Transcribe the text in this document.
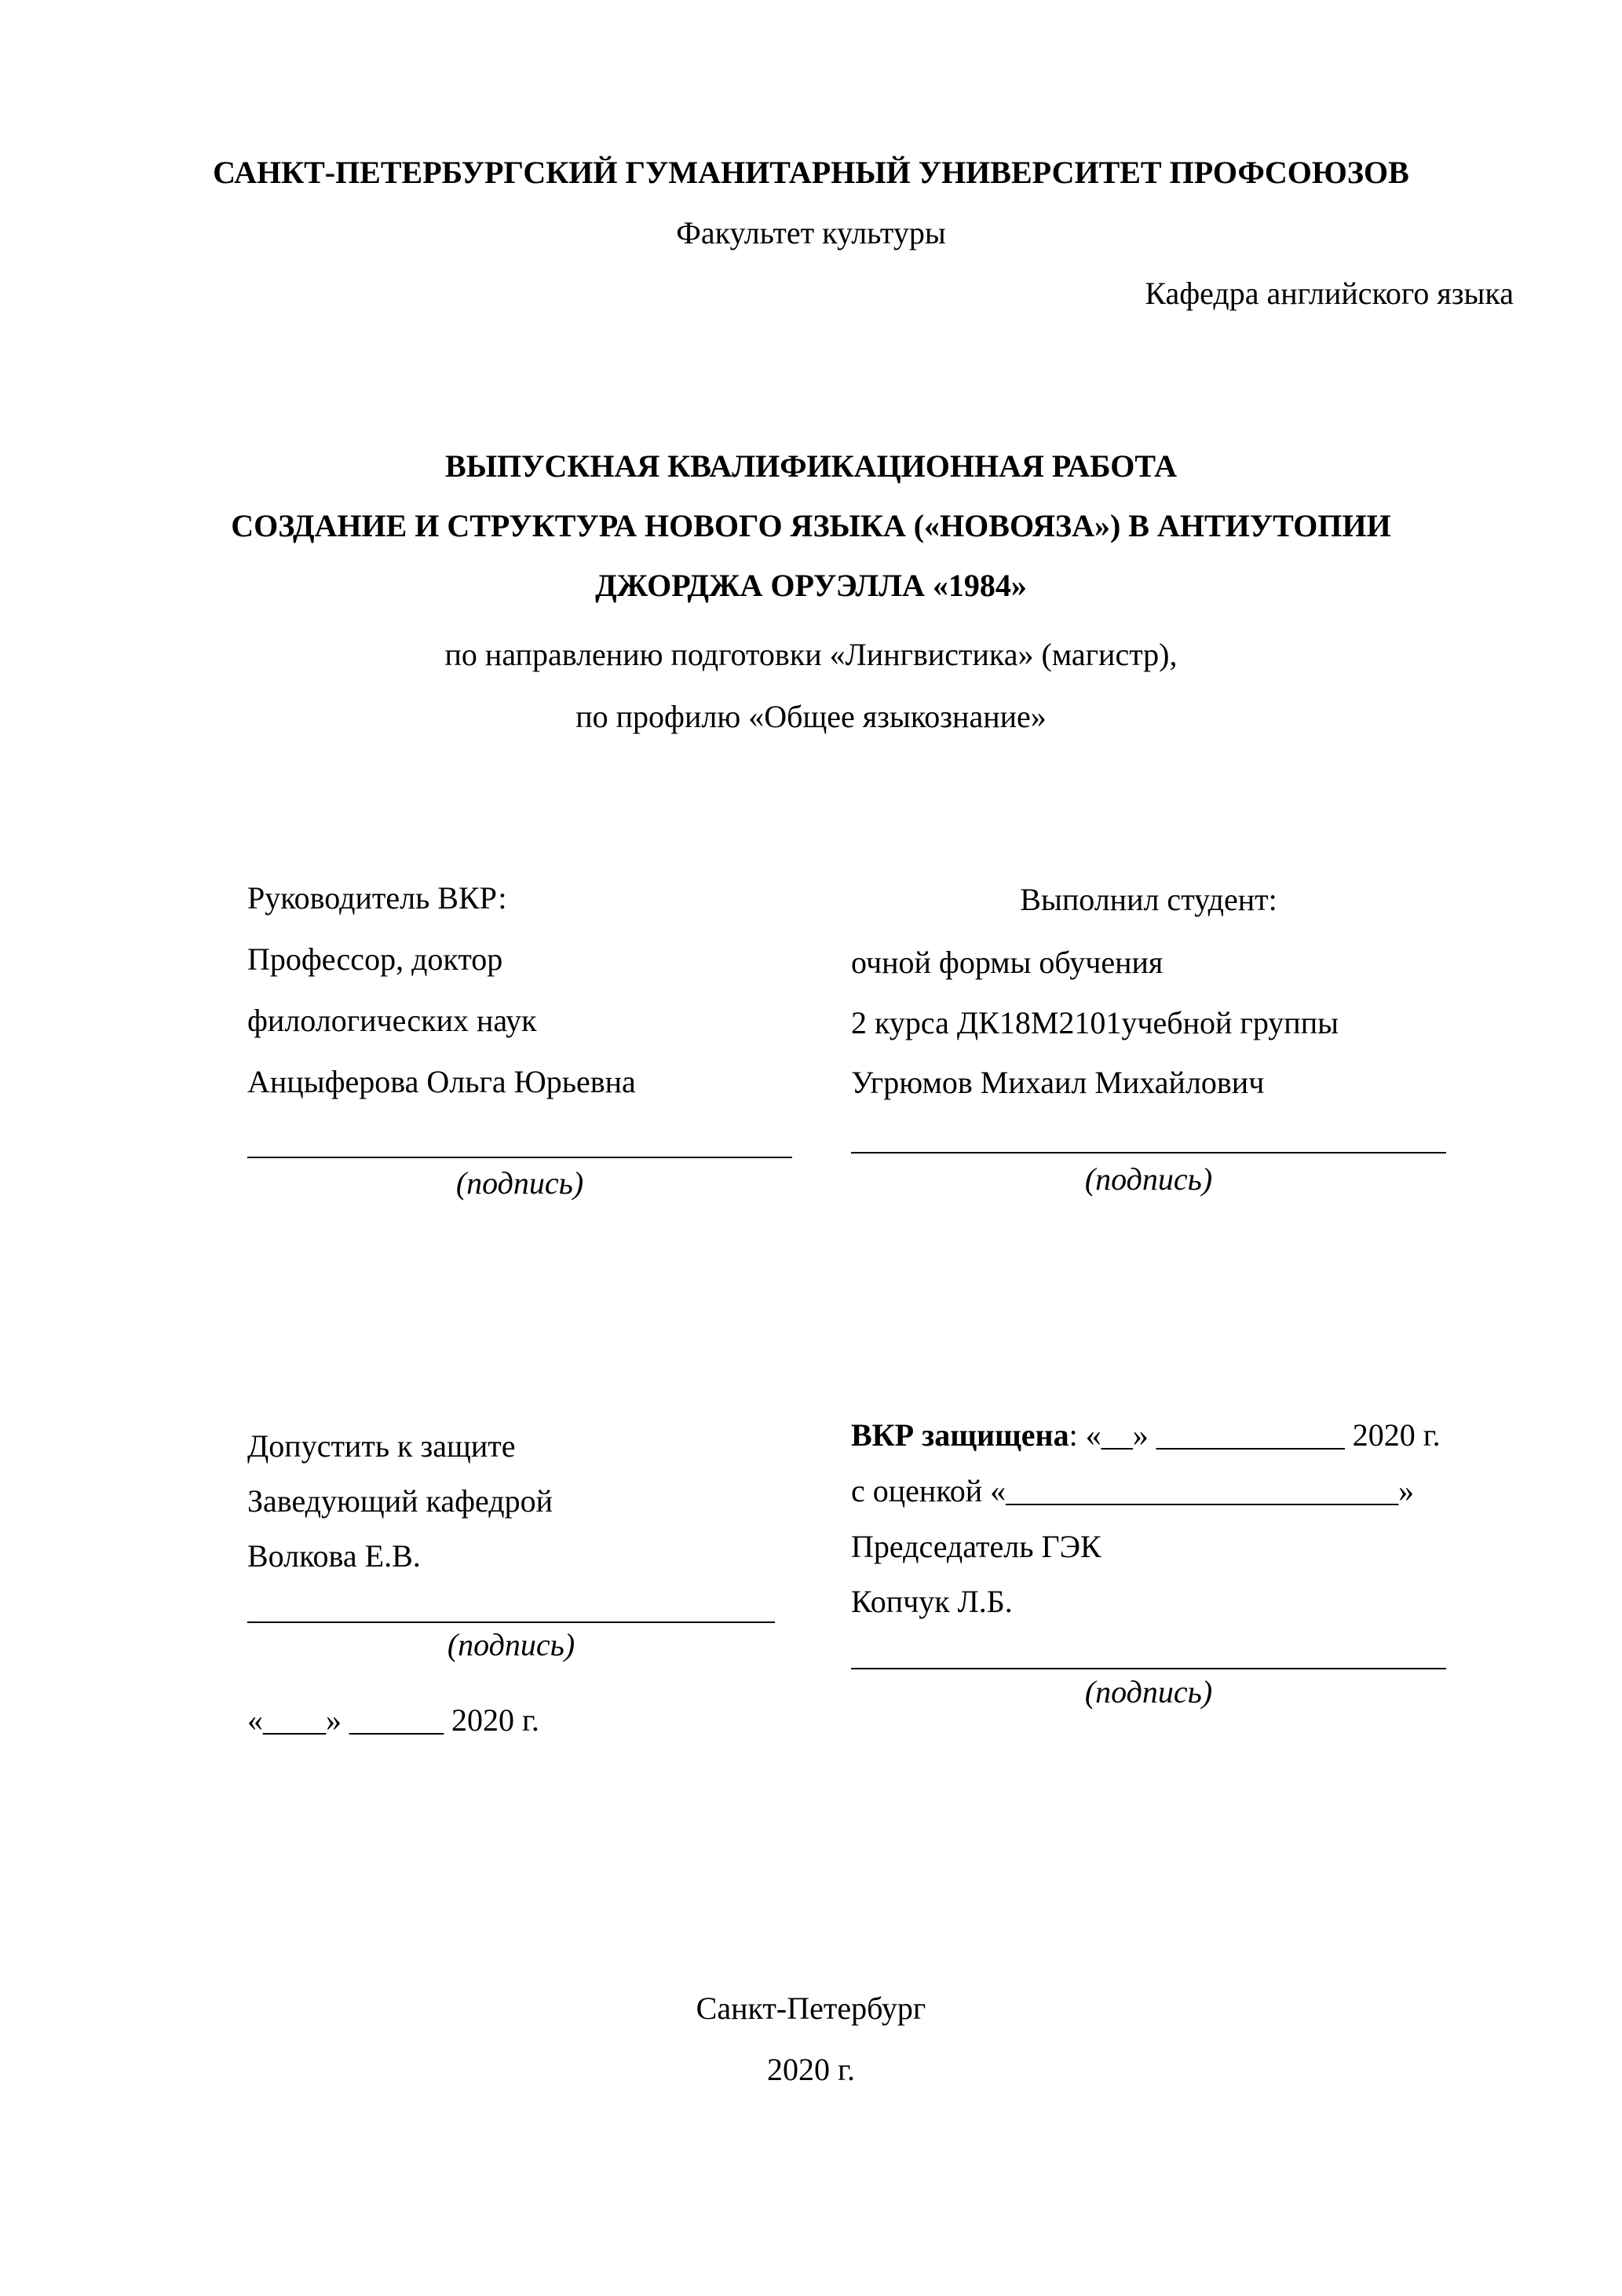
САНКТ-ПЕТЕРБУРГСКИЙ ГУМАНИТАРНЫЙ УНИВЕРСИТЕТ ПРОФСОЮЗОВ
Факультет культуры
Кафедра английского языка
ВЫПУСКНАЯ КВАЛИФИКАЦИОННАЯ РАБОТА
СОЗДАНИЕ И СТРУКТУРА НОВОГО ЯЗЫКА («НОВОЯЗА») В АНТИУТОПИИ
ДЖОРДЖА ОРУЭЛЛА «1984»
по направлению подготовки «Лингвистика» (магистр),
по профилю «Общее языкознание»
Руководитель ВКР:
Профессор, доктор
филологических наук
Анцыферова Ольга Юрьевна
(подпись)
Выполнил студент:
очной формы обучения
2 курса ДК18М2101учебной группы
Угрюмов Михаил Михайлович
(подпись)
Допустить к защите
Заведующий кафедрой
Волкова Е.В.
(подпись)
«____» ______ 2020 г.
ВКР защищена: «__» ____________ 2020 г.
с оценкой «_________________________»
Председатель ГЭК
Копчук Л.Б.
(подпись)
Санкт-Петербург
2020 г.
